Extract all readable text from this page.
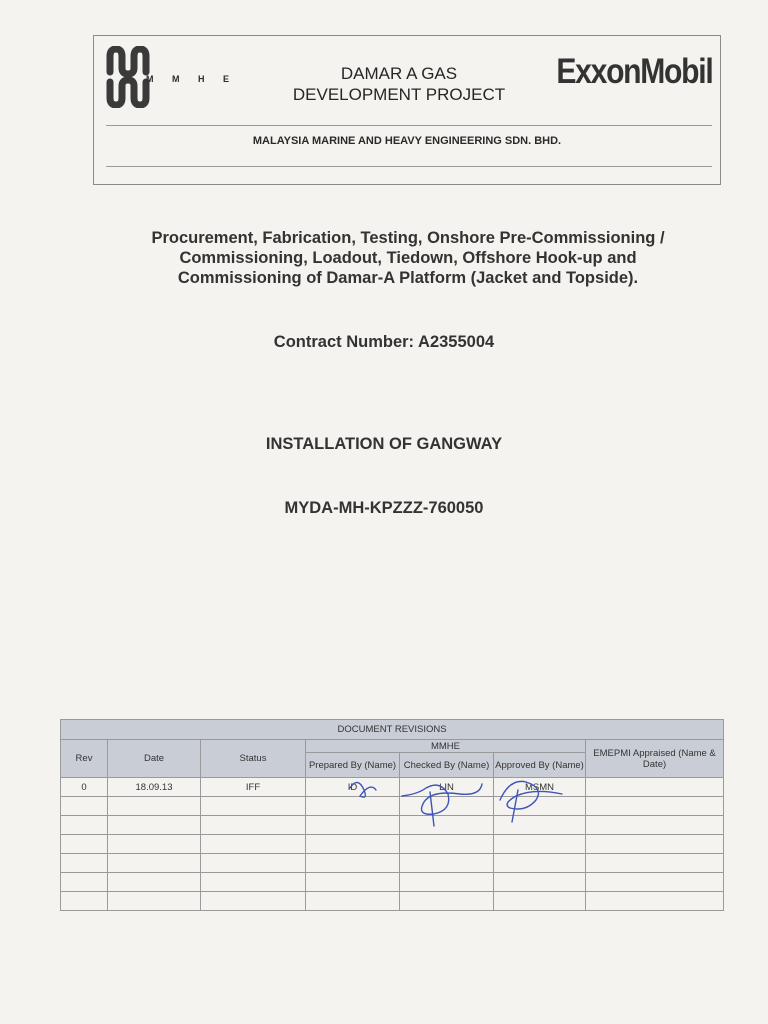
M M H E	DAMAR A GAS
DEVELOPMENT PROJECT
ExxonMobil
MALAYSIA MARINE AND HEAVY ENGINEERING SDN. BHD.
Procurement, Fabrication, Testing, Onshore Pre-Commissioning /
Commissioning, Loadout, Tiedown, Offshore Hook-up and
Commissioning of Damar-A Platform (Jacket and Topside).
Contract Number: A2355004
INSTALLATION OF GANGWAY
MYDA-MH-KPZZZ-760050
DOCUMENT REVISIONS						
Rev	Date	Status	MMHE			EMEPMI Appraised (Name & Date)
			Prepared By (Name)	Checked By (Name)	Approved By (Name)	
0	18.09.13	IFF	ID	LIN	MSMN	
